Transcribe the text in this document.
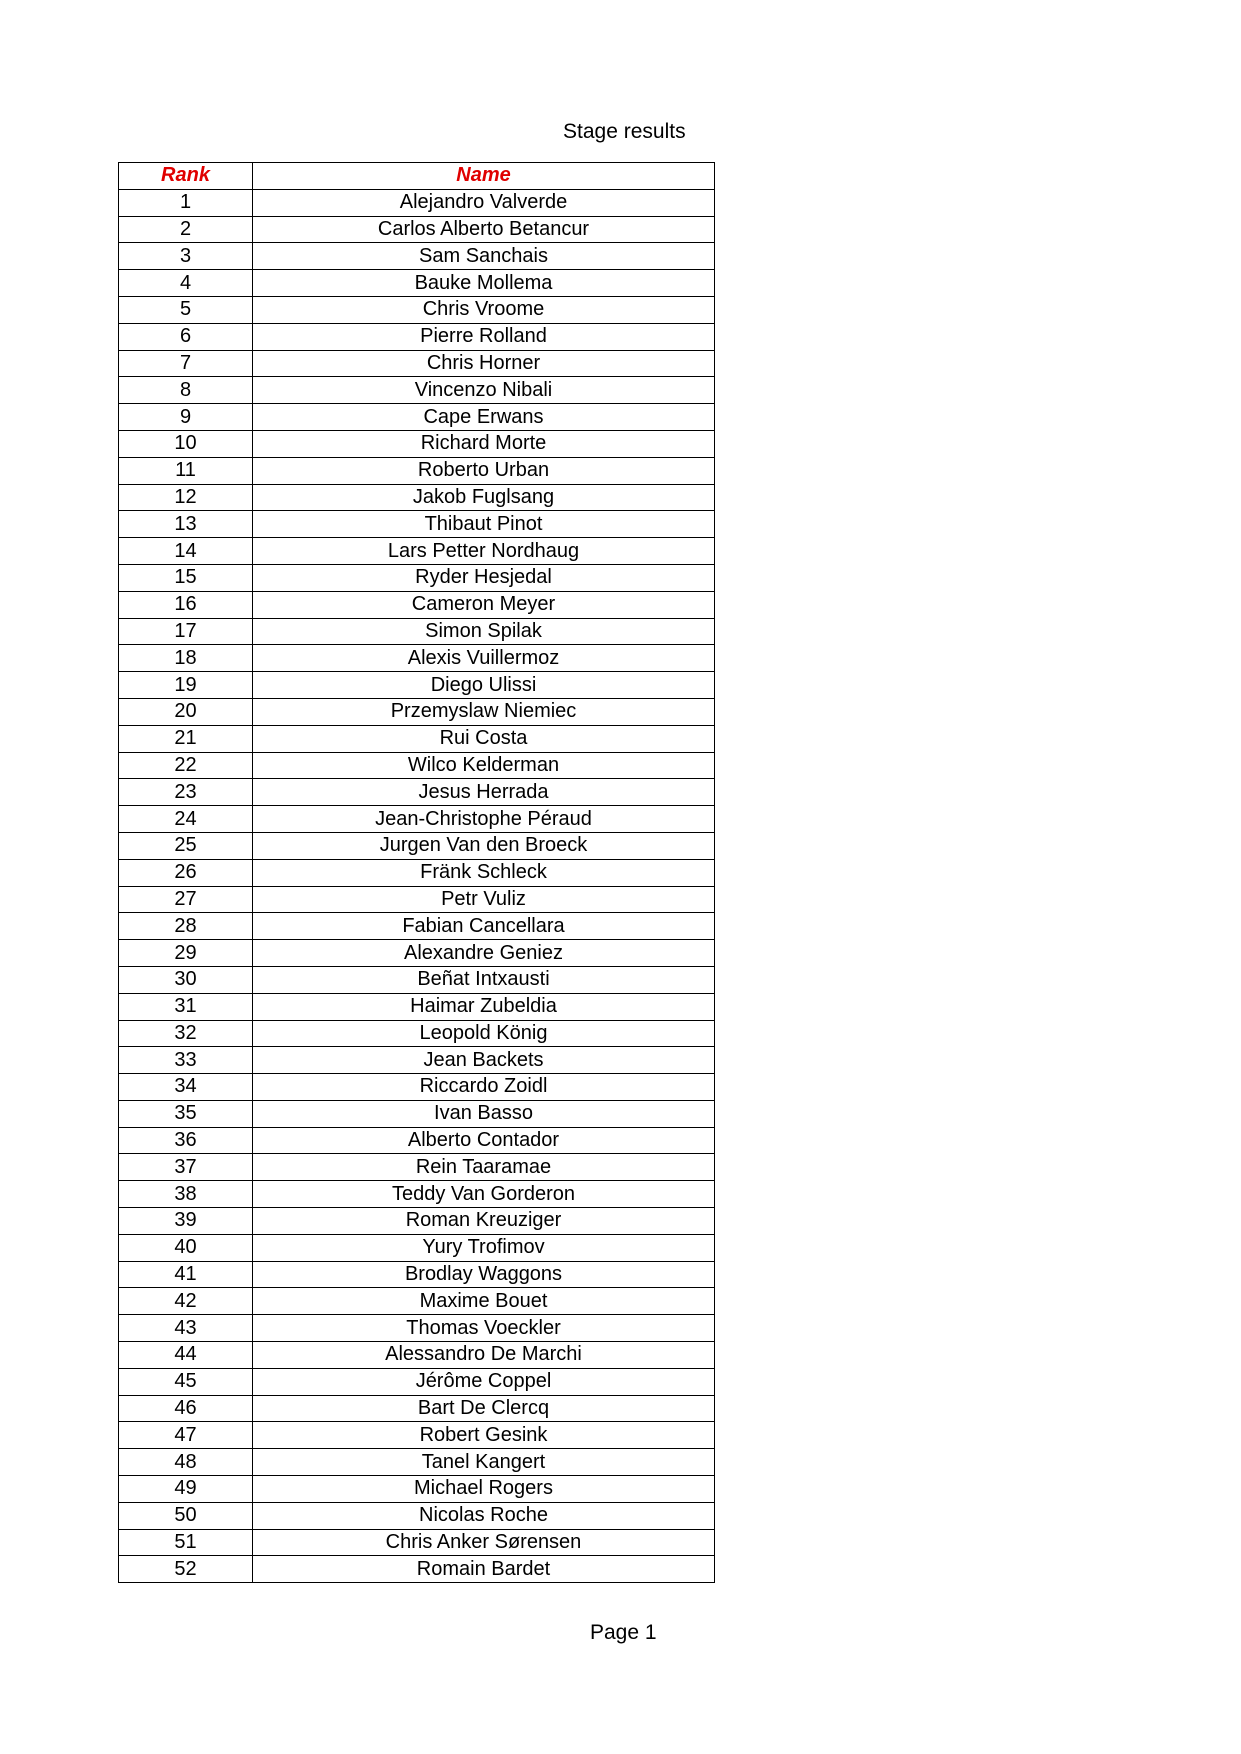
Stage results
Rank	Name
1	Alejandro Valverde
2	Carlos Alberto Betancur
3	Sam Sanchais
4	Bauke Mollema
5	Chris Vroome
6	Pierre Rolland
7	Chris Horner
8	Vincenzo Nibali
9	Cape Erwans
10	Richard Morte
11	Roberto Urban
12	Jakob Fuglsang
13	Thibaut Pinot
14	Lars Petter Nordhaug
15	Ryder Hesjedal
16	Cameron Meyer
17	Simon Spilak
18	Alexis Vuillermoz
19	Diego Ulissi
20	Przemyslaw Niemiec
21	Rui Costa
22	Wilco Kelderman
23	Jesus Herrada
24	Jean-Christophe Péraud
25	Jurgen Van den Broeck
26	Fränk Schleck
27	Petr Vuliz
28	Fabian Cancellara
29	Alexandre Geniez
30	Beñat Intxausti
31	Haimar Zubeldia
32	Leopold König
33	Jean Backets
34	Riccardo Zoidl
35	Ivan Basso
36	Alberto Contador
37	Rein Taaramae
38	Teddy Van Gorderon
39	Roman Kreuziger
40	Yury Trofimov
41	Brodlay Waggons
42	Maxime Bouet
43	Thomas Voeckler
44	Alessandro De Marchi
45	Jérôme Coppel
46	Bart De Clercq
47	Robert Gesink
48	Tanel Kangert
49	Michael Rogers
50	Nicolas Roche
51	Chris Anker Sørensen
52	Romain Bardet
Page 1
